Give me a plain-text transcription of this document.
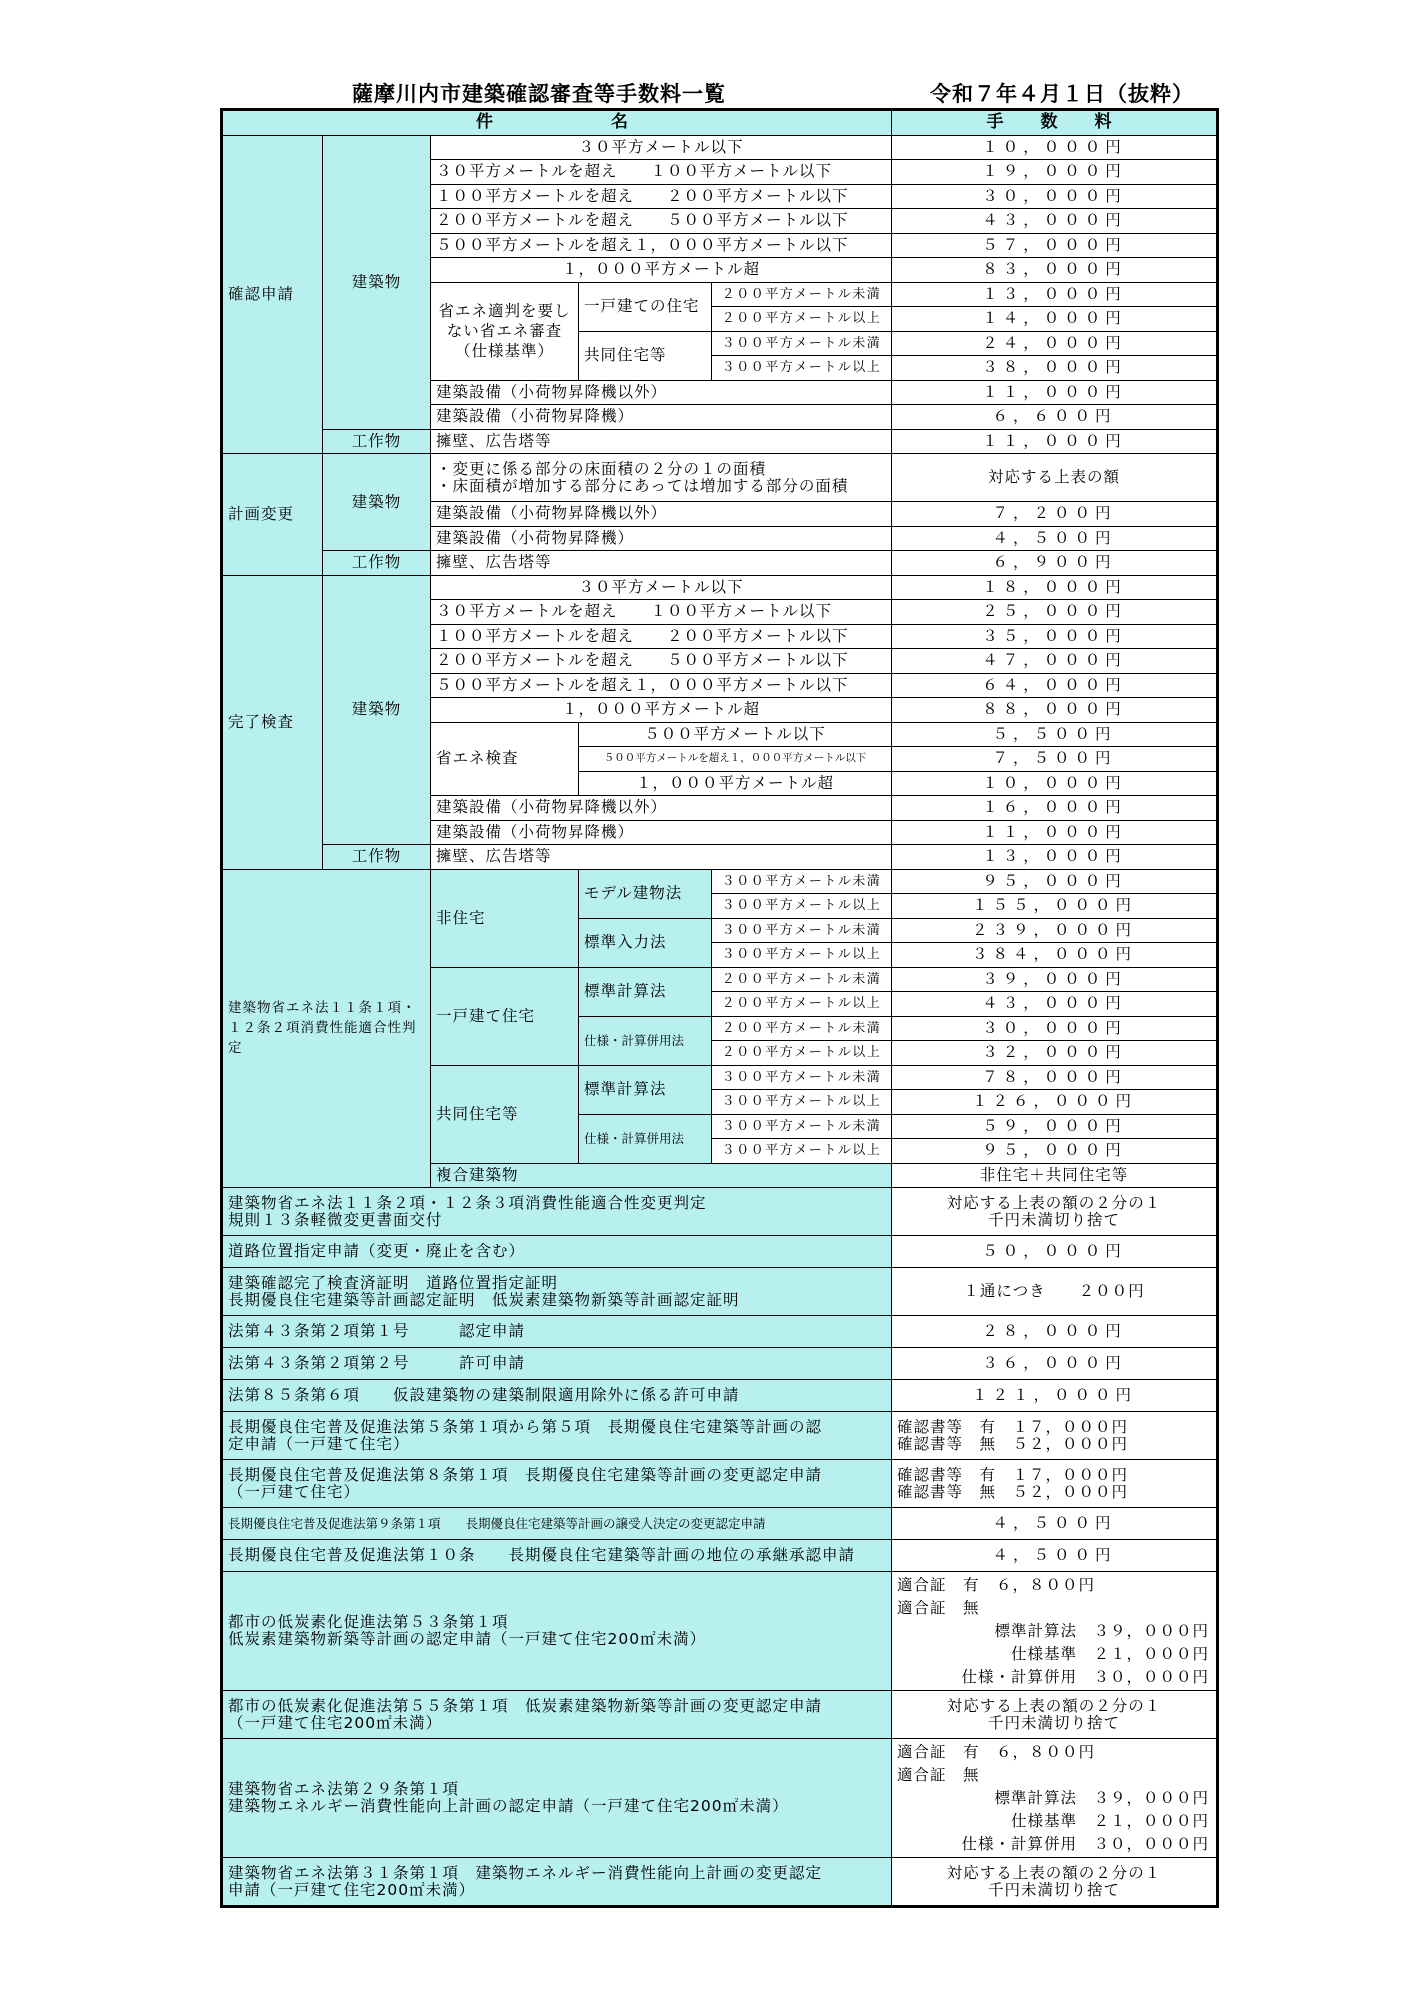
薩摩川内市建築確認審査等手数料一覧	令和７年４月１日（抜粋）
件　　　　名					手　数　料
確認申請	建築物	３０平方メートル以下			１０，０００円
		３０平方メートルを超え　　１００平方メートル以下			１９，０００円
		１００平方メートルを超え　　２００平方メートル以下			３０，０００円
		２００平方メートルを超え　　５００平方メートル以下			４３，０００円
		５００平方メートルを超え１，０００平方メートル以下			５７，０００円
		１，０００平方メートル超			８３，０００円
		省エネ適判を要しない省エネ審査（仕様基準）	一戸建ての住宅	２００平方メートル未満	１３，０００円
				２００平方メートル以上	１４，０００円
			共同住宅等	３００平方メートル未満	２４，０００円
				３００平方メートル以上	３８，０００円
		建築設備（小荷物昇降機以外）			１１，０００円
		建築設備（小荷物昇降機）			６，６００円
	工作物	擁壁、広告塔等			１１，０００円
計画変更	建築物	・変更に係る部分の床面積の２分の１の面積
・床面積が増加する部分にあっては増加する部分の面積			対応する上表の額
		建築設備（小荷物昇降機以外）			７，２００円
		建築設備（小荷物昇降機）			４，５００円
	工作物	擁壁、広告塔等			６，９００円
完了検査	建築物	３０平方メートル以下			１８，０００円
		３０平方メートルを超え　　１００平方メートル以下			２５，０００円
		１００平方メートルを超え　　２００平方メートル以下			３５，０００円
		２００平方メートルを超え　　５００平方メートル以下			４７，０００円
		５００平方メートルを超え１，０００平方メートル以下			６４，０００円
		１，０００平方メートル超			８８，０００円
		省エネ検査	５００平方メートル以下		５，５００円
			５００平方メートルを超え１，０００平方メートル以下		７，５００円
			１，０００平方メートル超		１０，０００円
		建築設備（小荷物昇降機以外）			１６，０００円
		建築設備（小荷物昇降機）			１１，０００円
	工作物	擁壁、広告塔等			１３，０００円
建築物省エネ法１１条１項・１２条２項消費性能適合性判定		非住宅	モデル建物法	３００平方メートル未満	９５，０００円
				３００平方メートル以上	１５５，０００円
			標準入力法	３００平方メートル未満	２３９，０００円
				３００平方メートル以上	３８４，０００円
		一戸建て住宅	標準計算法	２００平方メートル未満	３９，０００円
				２００平方メートル以上	４３，０００円
			仕様・計算併用法	２００平方メートル未満	３０，０００円
				２００平方メートル以上	３２，０００円
		共同住宅等	標準計算法	３００平方メートル未満	７８，０００円
				３００平方メートル以上	１２６，０００円
			仕様・計算併用法	３００平方メートル未満	５９，０００円
				３００平方メートル以上	９５，０００円
		複合建築物			非住宅＋共同住宅等

建築物省エネ法１１条２項・１２条３項消費性能適合性変更判定
規則１３条軽微変更書面交付					対応する上表の額の２分の１
千円未満切り捨て

道路位置指定申請（変更・廃止を含む）					５０，０００円

建築確認完了検査済証明　道路位置指定証明
長期優良住宅建築等計画認定証明　低炭素建築物新築等計画認定証明					１通につき　　２００円
法第４３条第２項第１号　　　認定申請					２８，０００円
法第４３条第２項第２号　　　許可申請					３６，０００円
法第８５条第６項　　仮設建築物の建築制限適用除外に係る許可申請					１２１，０００円

長期優良住宅普及促進法第５条第１項から第５項　長期優良住宅建築等計画の認
定申請（一戸建て住宅）					確認書等　有　１７，０００円
確認書等　無　５２，０００円

長期優良住宅普及促進法第８条第１項　長期優良住宅建築等計画の変更認定申請
（一戸建て住宅）					確認書等　有　１７，０００円
確認書等　無　５２，０００円

長期優良住宅普及促進法第９条第１項　　長期優良住宅建築等計画の譲受人決定の変更認定申請					４，５００円
長期優良住宅普及促進法第１０条　　長期優良住宅建築等計画の地位の承継承認申請					４，５００円

都市の低炭素化促進法第５３条第１項
低炭素建築物新築等計画の認定申請（一戸建て住宅200㎡未満）					適合証　有　６，８００円
適合証　無
標準計算法　３９，０００円
仕様基準　２１，０００円
仕様・計算併用　３０，０００円

都市の低炭素化促進法第５５条第１項　低炭素建築物新築等計画の変更認定申請
（一戸建て住宅200㎡未満）					対応する上表の額の２分の１
千円未満切り捨て

建築物省エネ法第２９条第１項
建築物エネルギー消費性能向上計画の認定申請（一戸建て住宅200㎡未満）					適合証　有　６，８００円
適合証　無
標準計算法　３９，０００円
仕様基準　２１，０００円
仕様・計算併用　３０，０００円

建築物省エネ法第３１条第１項　建築物エネルギー消費性能向上計画の変更認定
申請（一戸建て住宅200㎡未満）					対応する上表の額の２分の１
千円未満切り捨て
